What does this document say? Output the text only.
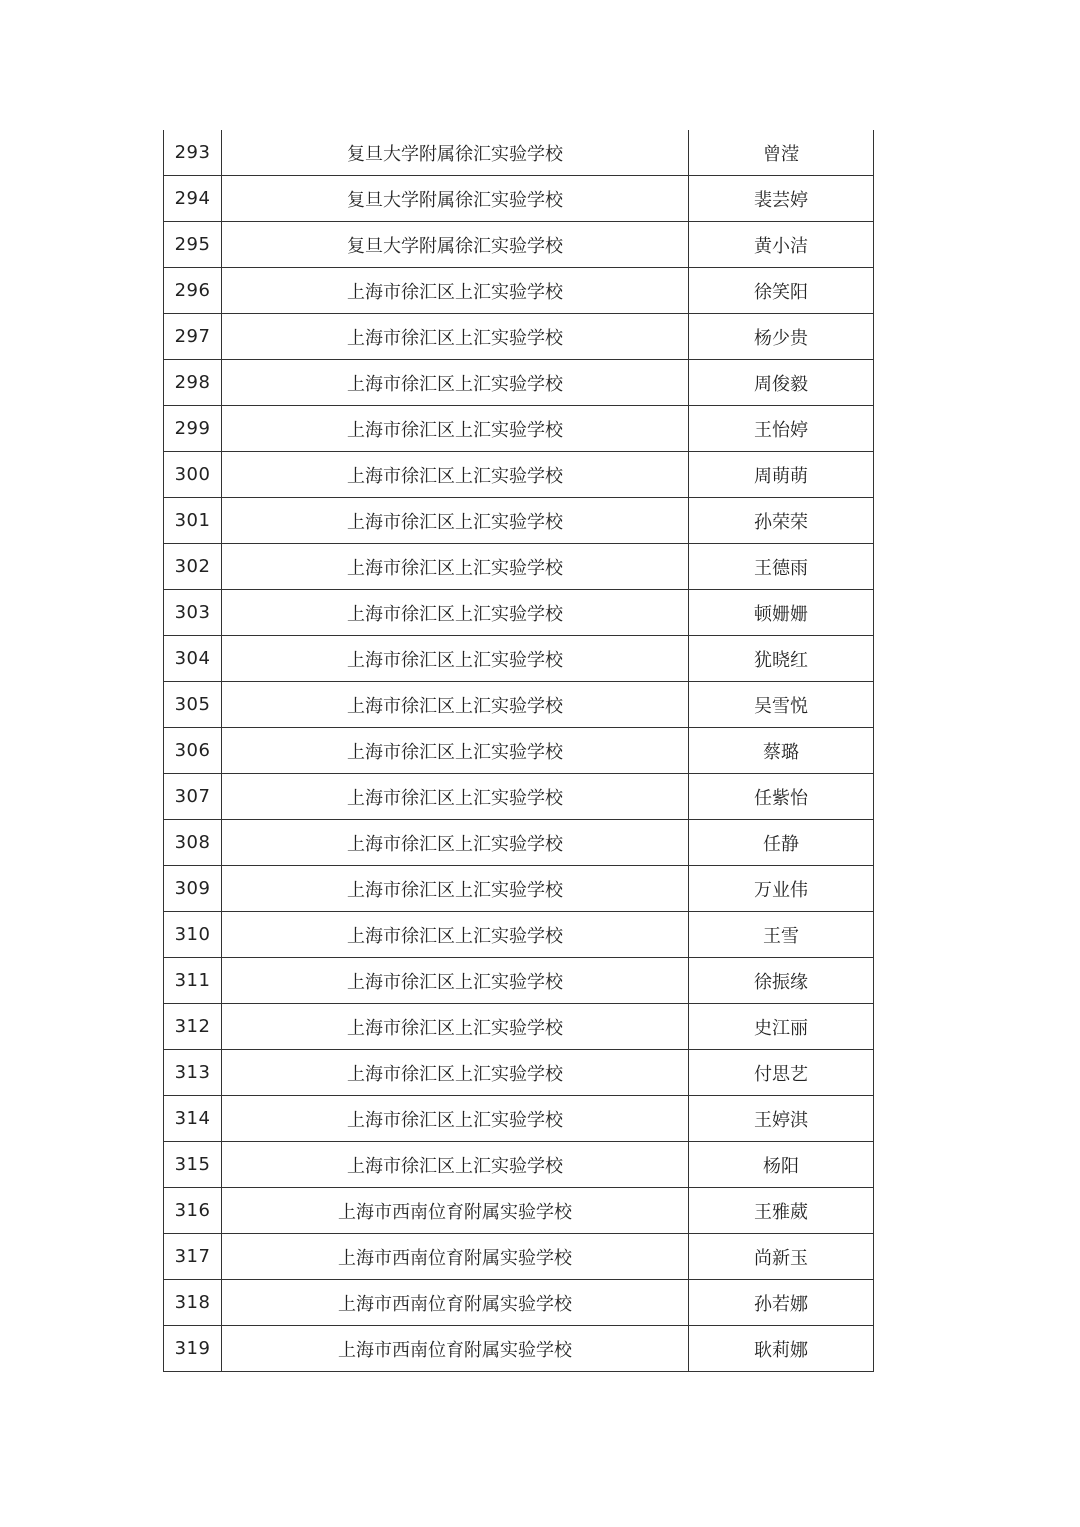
293	复旦大学附属徐汇实验学校	曾滢
294	复旦大学附属徐汇实验学校	裴芸婷
295	复旦大学附属徐汇实验学校	黄小洁
296	上海市徐汇区上汇实验学校	徐笑阳
297	上海市徐汇区上汇实验学校	杨少贵
298	上海市徐汇区上汇实验学校	周俊毅
299	上海市徐汇区上汇实验学校	王怡婷
300	上海市徐汇区上汇实验学校	周萌萌
301	上海市徐汇区上汇实验学校	孙荣荣
302	上海市徐汇区上汇实验学校	王德雨
303	上海市徐汇区上汇实验学校	顿姗姗
304	上海市徐汇区上汇实验学校	犹晓红
305	上海市徐汇区上汇实验学校	吴雪悦
306	上海市徐汇区上汇实验学校	蔡璐
307	上海市徐汇区上汇实验学校	任紫怡
308	上海市徐汇区上汇实验学校	任静
309	上海市徐汇区上汇实验学校	万业伟
310	上海市徐汇区上汇实验学校	王雪
311	上海市徐汇区上汇实验学校	徐振缘
312	上海市徐汇区上汇实验学校	史江丽
313	上海市徐汇区上汇实验学校	付思艺
314	上海市徐汇区上汇实验学校	王婷淇
315	上海市徐汇区上汇实验学校	杨阳
316	上海市西南位育附属实验学校	王雅葳
317	上海市西南位育附属实验学校	尚新玉
318	上海市西南位育附属实验学校	孙若娜
319	上海市西南位育附属实验学校	耿莉娜
